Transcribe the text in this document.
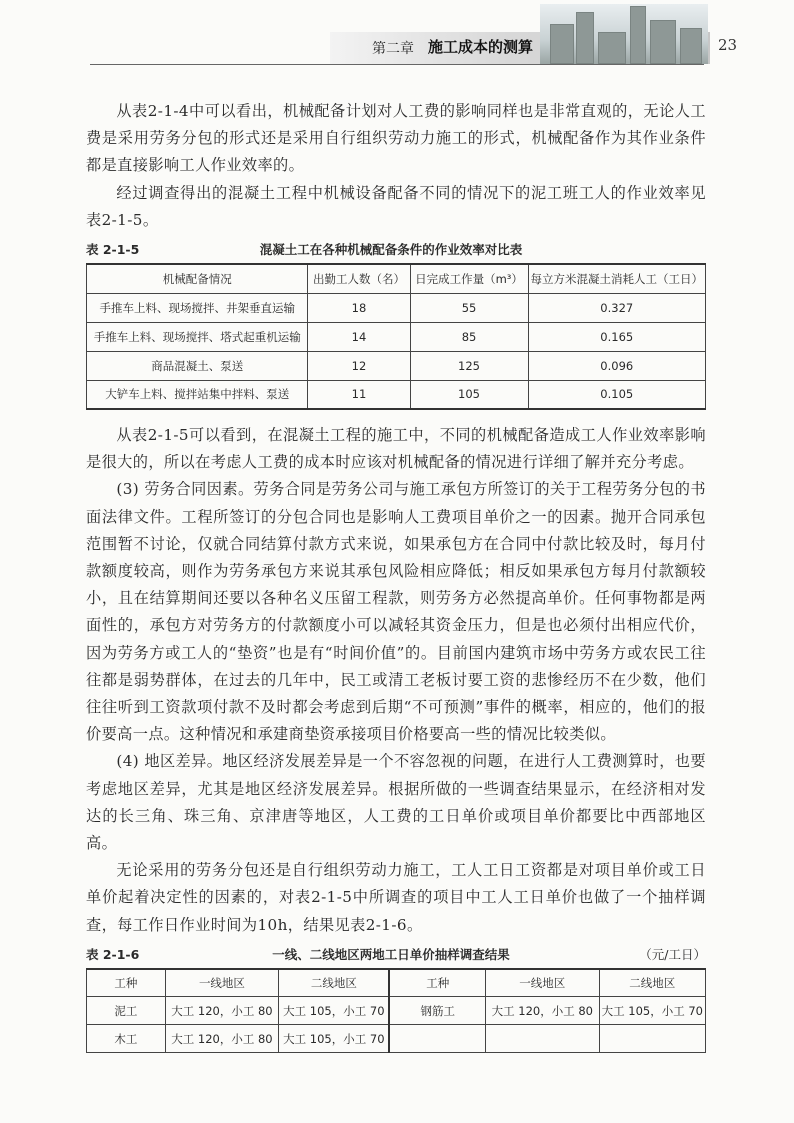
第二章 施工成本的测算	23

从表2-1-4中可以看出，机械配备计划对人工费的影响同样也是非常直观的，无论人工费是采用劳务分包的形式还是采用自行组织劳动力施工的形式，机械配备作为其作业条件都是直接影响工人作业效率的。

经过调查得出的混凝土工程中机械设备配备不同的情况下的泥工班工人的作业效率见表2-1-5。

表 2-1-5	混凝土工在各种机械配备条件的作业效率对比表
机械配备情况	出勤工人数（名）	日完成工作量（m³）	每立方米混凝土消耗人工（工日）
手推车上料、现场搅拌、井架垂直运输	18	55	0.327
手推车上料、现场搅拌、塔式起重机运输	14	85	0.165
商品混凝土、泵送	12	125	0.096
大铲车上料、搅拌站集中拌料、泵送	11	105	0.105

从表2-1-5可以看到，在混凝土工程的施工中，不同的机械配备造成工人作业效率影响是很大的，所以在考虑人工费的成本时应该对机械配备的情况进行详细了解并充分考虑。

(3) 劳务合同因素。劳务合同是劳务公司与施工承包方所签订的关于工程劳务分包的书面法律文件。工程所签订的分包合同也是影响人工费项目单价之一的因素。抛开合同承包范围暂不讨论，仅就合同结算付款方式来说，如果承包方在合同中付款比较及时，每月付款额度较高，则作为劳务承包方来说其承包风险相应降低；相反如果承包方每月付款额较小，且在结算期间还要以各种名义压留工程款，则劳务方必然提高单价。任何事物都是两面性的，承包方对劳务方的付款额度小可以减轻其资金压力，但是也必须付出相应代价，因为劳务方或工人的“垫资”也是有“时间价值”的。目前国内建筑市场中劳务方或农民工往往都是弱势群体，在过去的几年中，民工或清工老板讨要工资的悲惨经历不在少数，他们往往听到工资款项付款不及时都会考虑到后期“不可预测”事件的概率，相应的，他们的报价要高一点。这种情况和承建商垫资承接项目价格要高一些的情况比较类似。

(4) 地区差异。地区经济发展差异是一个不容忽视的问题，在进行人工费测算时，也要考虑地区差异，尤其是地区经济发展差异。根据所做的一些调查结果显示，在经济相对发达的长三角、珠三角、京津唐等地区，人工费的工日单价或项目单价都要比中西部地区高。

无论采用的劳务分包还是自行组织劳动力施工，工人工日工资都是对项目单价或工日单价起着决定性的因素的，对表2-1-5中所调查的项目中工人工日单价也做了一个抽样调查，每工作日作业时间为10h，结果见表2-1-6。

表 2-1-6	一线、二线地区两地工日单价抽样调查结果	（元/工日）
工种	一线地区	二线地区	工种	一线地区	二线地区
泥工	大工 120，小工 80	大工 105，小工 70	钢筋工	大工 120，小工 80	大工 105，小工 70
木工	大工 120，小工 80	大工 105，小工 70			
